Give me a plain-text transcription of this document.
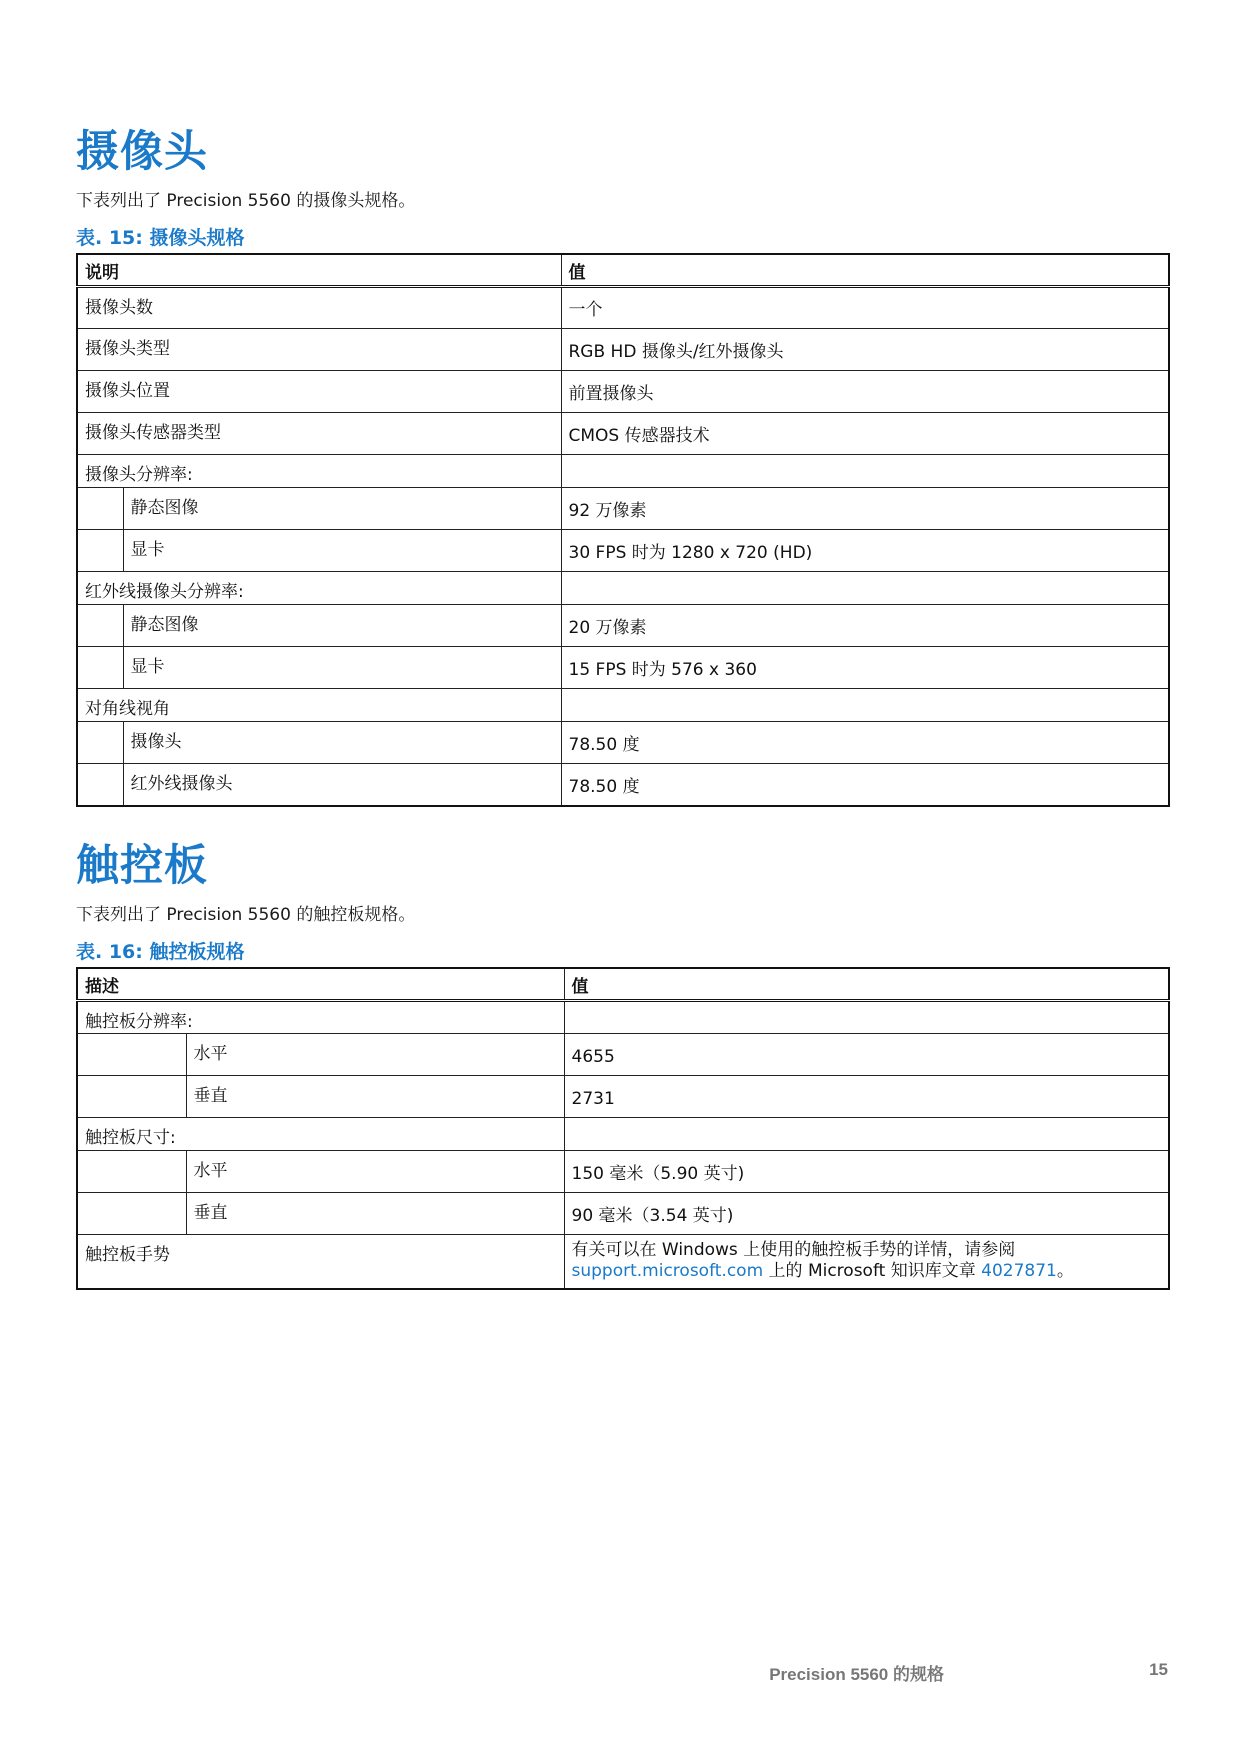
摄像头

下表列出了 Precision 5560 的摄像头规格。

表. 15: 摄像头规格

说明		值
摄像头数		一个
摄像头类型		RGB HD 摄像头/红外摄像头
摄像头位置		前置摄像头
摄像头传感器类型		CMOS 传感器技术
摄像头分辨率:		
	静态图像	92 万像素
	显卡	30 FPS 时为 1280 x 720 (HD)
红外线摄像头分辨率:		
	静态图像	20 万像素
	显卡	15 FPS 时为 576 x 360
对角线视角		
	摄像头	78.50 度
	红外线摄像头	78.50 度
触控板

下表列出了 Precision 5560 的触控板规格。

表. 16: 触控板规格

描述		值
触控板分辨率:		
	水平	4655
	垂直	2731
触控板尺寸:		
	水平	150 毫米（5.90 英寸)
	垂直	90 毫米（3.54 英寸)
触控板手势		有关可以在 Windows 上使用的触控板手势的详情，请参阅
support.microsoft.com 上的 Microsoft 知识库文章 4027871。
Precision 5560 的规格	15
